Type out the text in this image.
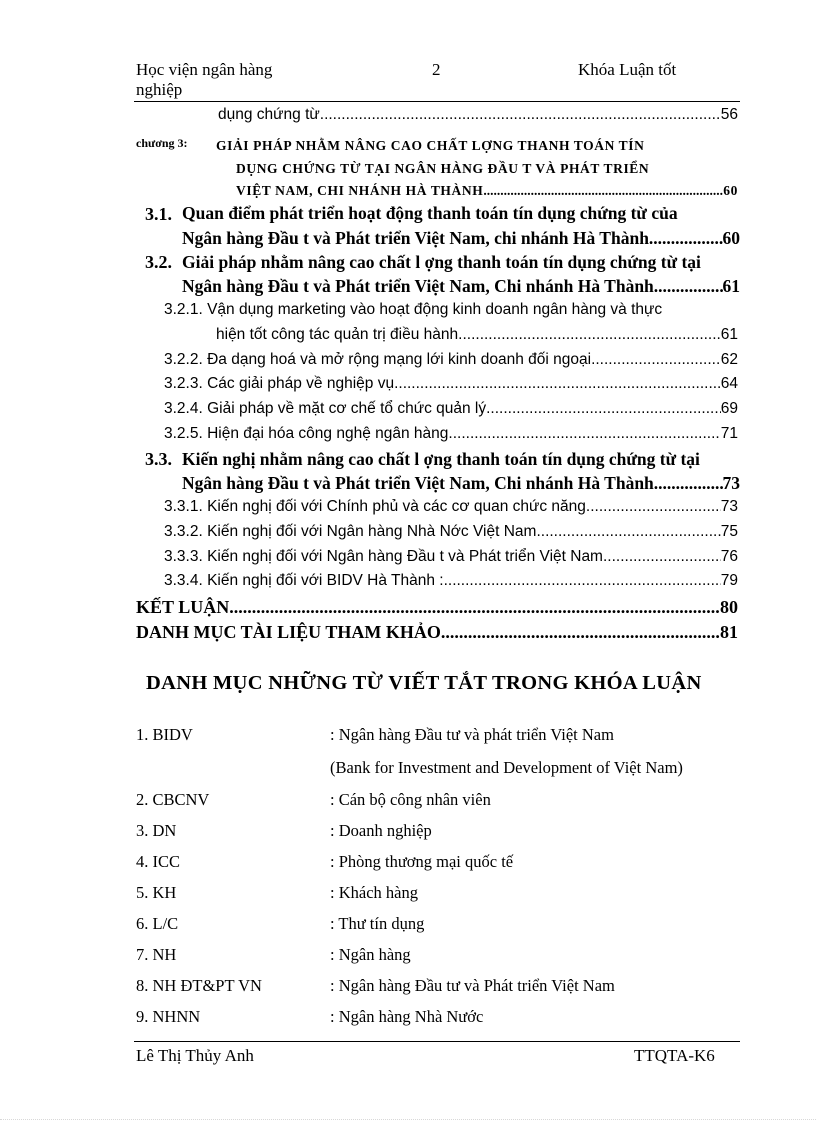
Học viện ngân hàng	2	Khóa Luận tốt
nghiệp
dụng chứng từ .....	56
chương 3: GIẢI PHÁP NHẰM NÂNG CAO CHẤT LỢNG THANH TOÁN TÍN
DỤNG CHỨNG TỪ TẠI NGÂN HÀNG ĐẦU T VÀ PHÁT TRIỂN
VIỆT NAM, CHI NHÁNH HÀ THÀNH .....	60
3.1. Quan điểm phát triển hoạt động thanh toán tín dụng chứng từ của
Ngân hàng Đầu t và Phát triển Việt Nam, chi nhánh Hà Thành .....	60
3.2. Giải pháp nhằm nâng cao chất l ợng thanh toán tín dụng chứng từ tại
Ngân hàng Đầu t và Phát triển Việt Nam, Chi nhánh Hà Thành .....	61
3.2.1. Vận dụng marketing vào hoạt động kinh doanh ngân hàng và thực
hiện tốt công tác quản trị điều hành .....	61
3.2.2. Đa dạng hoá và mở rộng mạng lới kinh doanh đối ngoại .....	62
3.2.3. Các giải pháp về nghiệp vụ .....	64
3.2.4. Giải pháp về mặt cơ chế tổ chức quản lý .....	69
3.2.5. Hiện đại hóa công nghệ ngân hàng .....	71
3.3. Kiến nghị nhằm nâng cao chất l ợng thanh toán tín dụng chứng từ tại
Ngân hàng Đầu t và Phát triển Việt Nam, Chi nhánh Hà Thành .....	73
3.3.1. Kiến nghị đối với Chính phủ và các cơ quan chức năng. .....	73
3.3.2. Kiến nghị đối với Ngân hàng Nhà Nớc Việt Nam. .....	75
3.3.3. Kiến nghị đối với Ngân hàng Đầu t và Phát triển Việt Nam. .....	76
3.3.4. Kiến nghị đối với BIDV Hà Thành : .....	79
KẾT LUẬN .....	80
DANH MỤC TÀI LIỆU THAM KHẢO .....	81
DANH MỤC NHỮNG TỪ VIẾT TẮT TRONG KHÓA LUẬN
1. BIDV	: Ngân hàng Đầu tư và phát triển Việt Nam
(Bank for Investment and Development of Việt Nam)
2. CBCNV	: Cán bộ công nhân viên
3. DN	: Doanh nghiệp
4. ICC	: Phòng thương mại quốc tế
5. KH	: Khách hàng
6. L/C	: Thư tín dụng
7. NH	: Ngân hàng
8. NH ĐT&PT VN	: Ngân hàng Đầu tư và Phát triển Việt Nam
9. NHNN	: Ngân hàng Nhà Nước
Lê Thị Thủy Anh	TTQTA-K6
